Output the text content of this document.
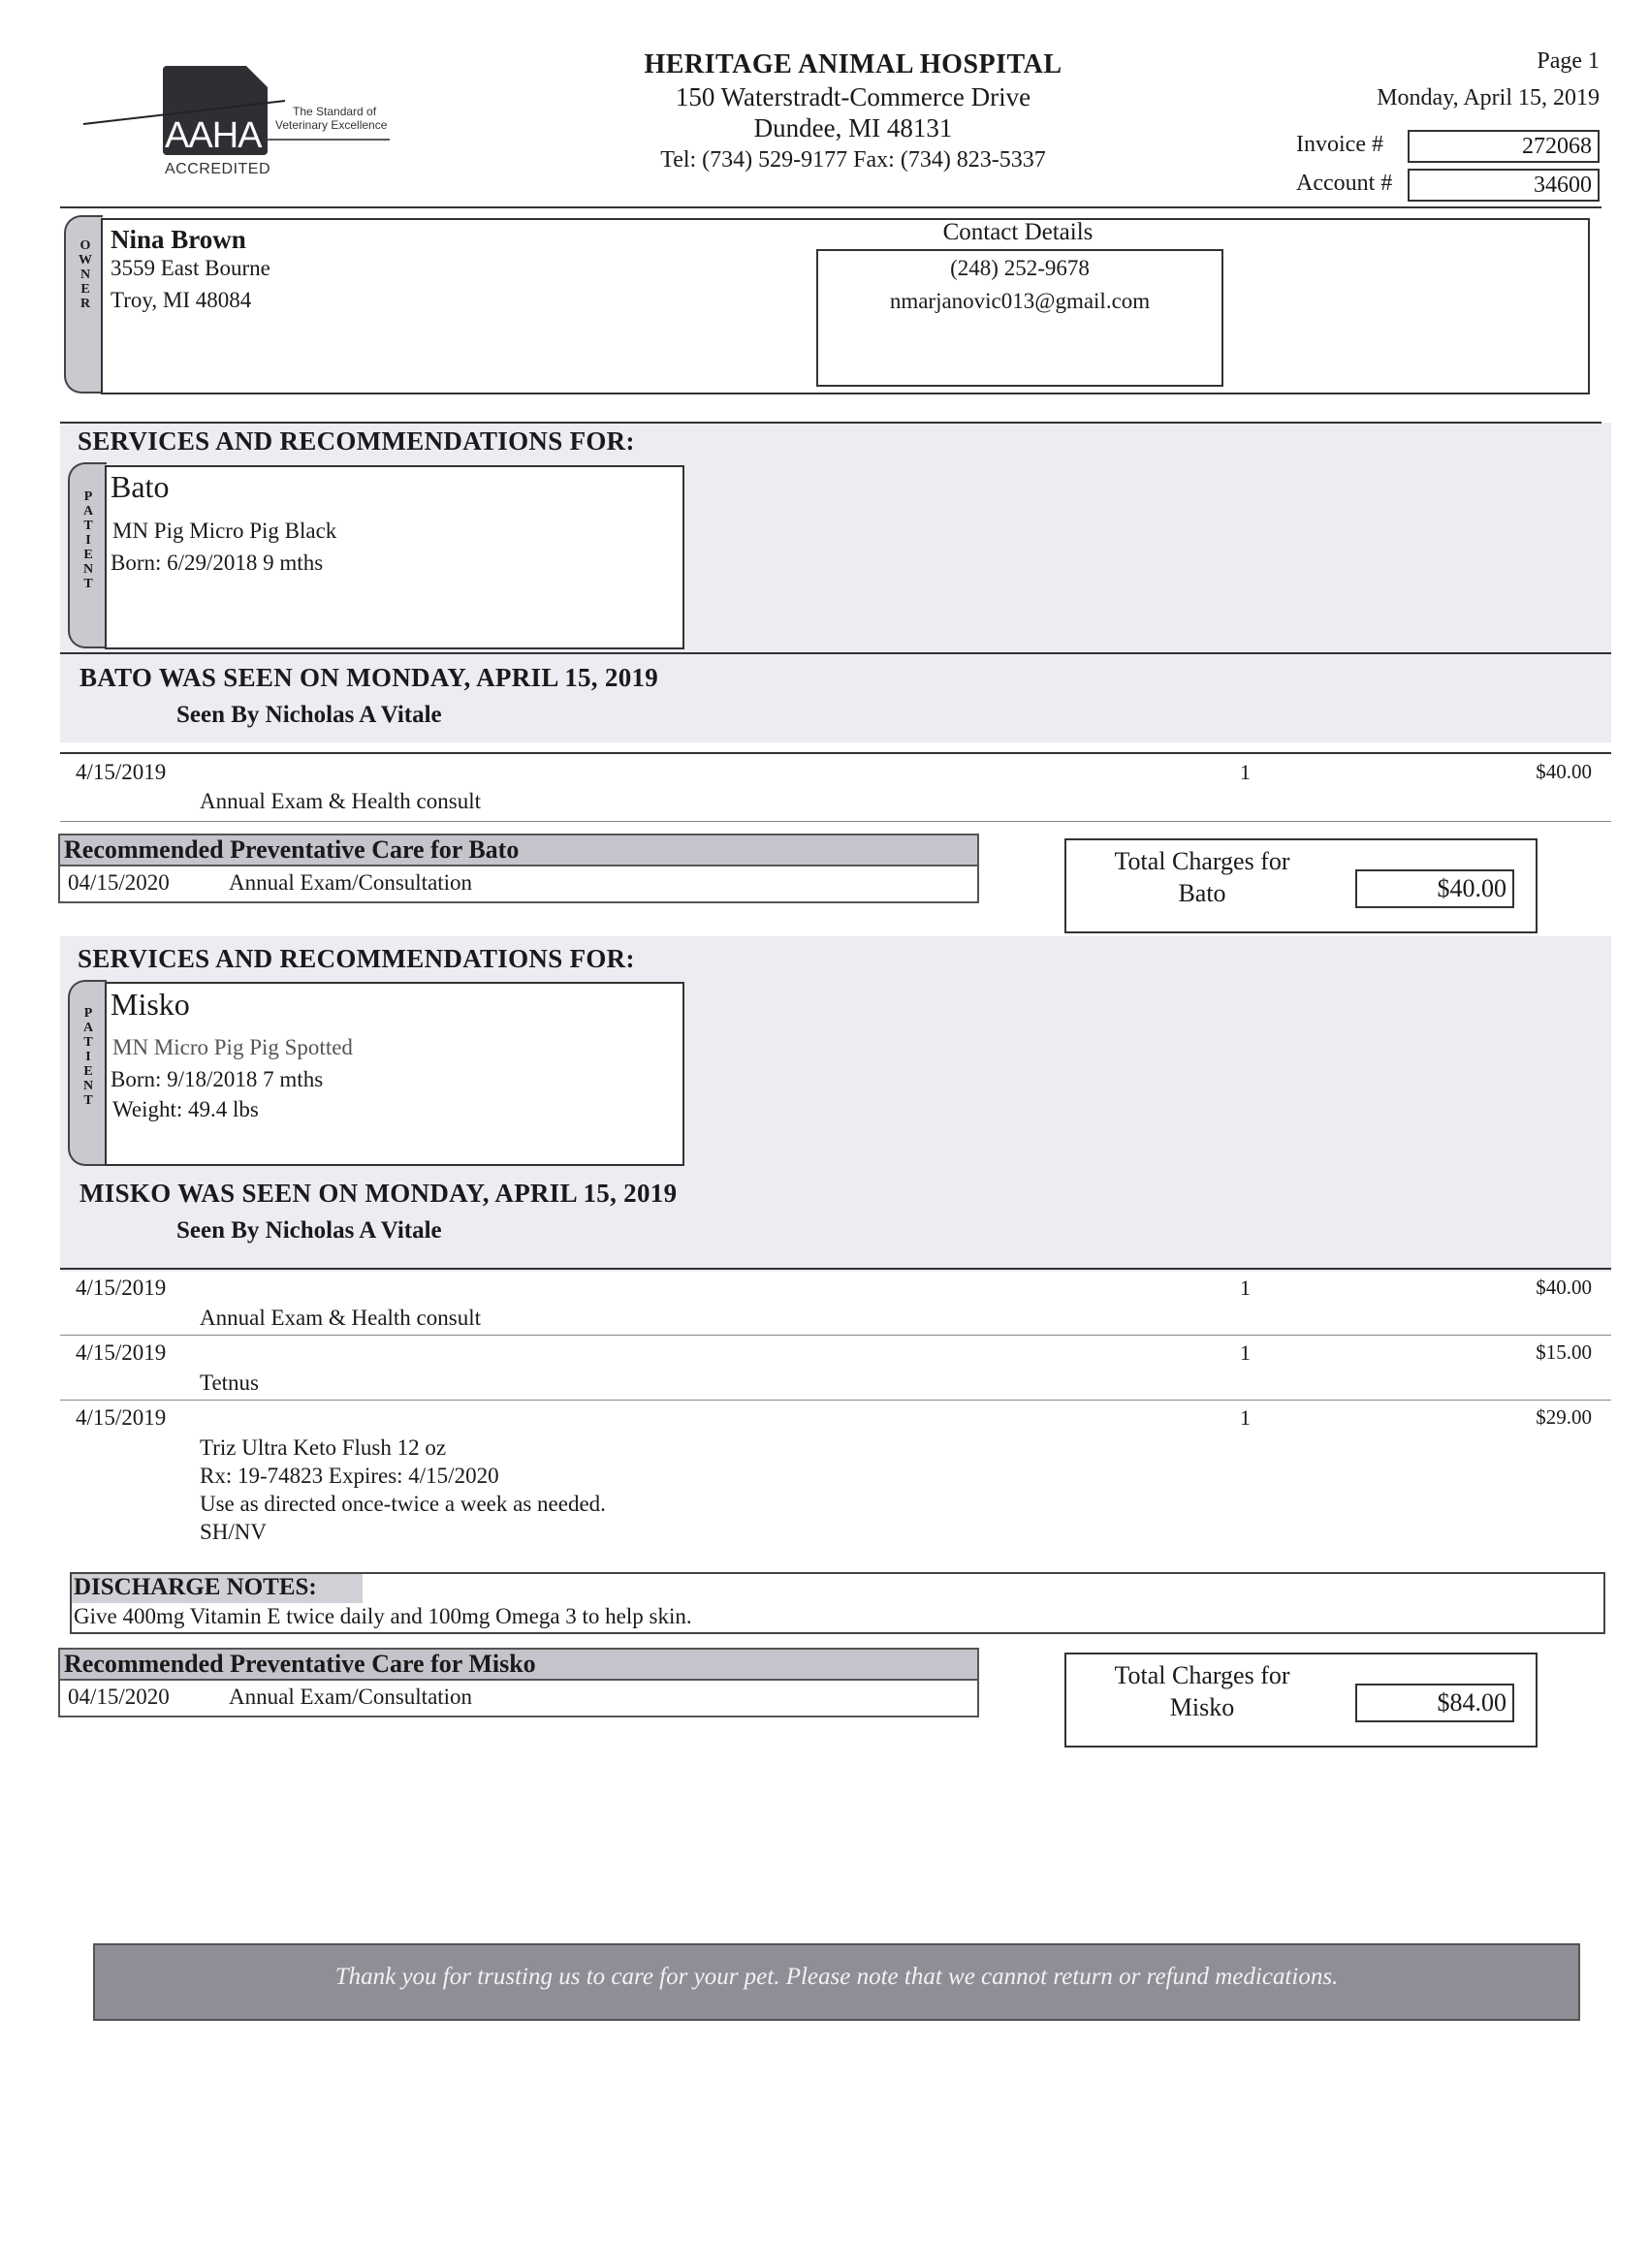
AAHA
The Standard of
Veterinary Excellence
ACCREDITED
HERITAGE ANIMAL HOSPITAL
150 Waterstradt-Commerce Drive
Dundee, MI 48131
Tel: (734) 529-9177 Fax: (734) 823-5337
Page 1
Monday, April 15, 2019
Invoice #	272068
Account #	34600
O
W
N
E
R
Nina Brown
3559 East Bourne
Troy, MI 48084
Contact Details
(248) 252-9678
nmarjanovic013@gmail.com
SERVICES AND RECOMMENDATIONS FOR:
P
A
T
I
E
N
T
Bato
MN Pig Micro Pig Black
Born: 6/29/2018 9 mths
BATO WAS SEEN ON MONDAY, APRIL 15, 2019
Seen By Nicholas A Vitale
4/15/2019	1	$40.00
Annual Exam & Health consult
Recommended Preventative Care for Bato
04/15/2020	Annual Exam/Consultation
Total Charges for
Bato	$40.00
SERVICES AND RECOMMENDATIONS FOR:
P
A
T
I
E
N
T
Misko
MN Micro Pig Pig Spotted
Born: 9/18/2018 7 mths
Weight: 49.4 lbs
MISKO WAS SEEN ON MONDAY, APRIL 15, 2019
Seen By Nicholas A Vitale
4/15/2019	1	$40.00
Annual Exam & Health consult
4/15/2019	1	$15.00
Tetnus
4/15/2019	1	$29.00
Triz Ultra Keto Flush 12 oz
Rx: 19-74823 Expires: 4/15/2020
Use as directed once-twice a week as needed.
SH/NV
DISCHARGE NOTES:
Give 400mg Vitamin E twice daily and 100mg Omega 3 to help skin.
Recommended Preventative Care for Misko
04/15/2020	Annual Exam/Consultation
Total Charges for
Misko	$84.00
Thank you for trusting us to care for your pet. Please note that we cannot return or refund medications.
